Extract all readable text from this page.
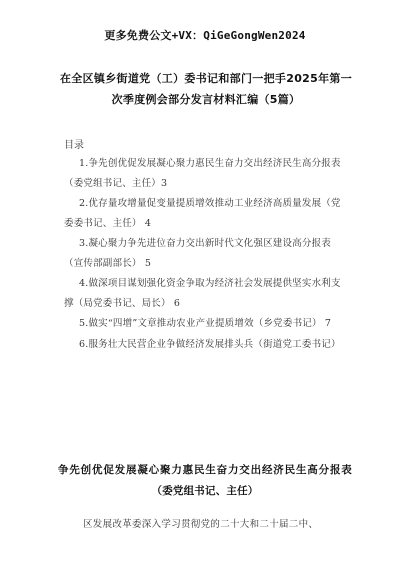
更多免费公文+VX：QiGeGongWen2024
在全区镇乡街道党（工）委书记和部门一把手2025年第一次季度例会部分发言材料汇编（5篇）
目录
1.争先创优促发展凝心聚力惠民生奋力交出经济民生高分报表（委党组书记、主任）3
2.优存量攻增量促变量提质增效推动工业经济高质量发展（党委委书记、主任） 4
3.凝心聚力争先进位奋力交出新时代文化强区建设高分报表（宣传部副部长） 5
4.做深项目谋划强化资金争取为经济社会发展提供坚实水利支撑（局党委书记、局长） 6
5.做实“四增”文章推动农业产业提质增效（乡党委书记） 7
6.服务壮大民营企业争做经济发展排头兵（街道党工委书记）
争先创优促发展凝心聚力惠民生奋力交出经济民生高分报表（委党组书记、主任）
区发展改革委深入学习贯彻党的二十大和二十届二中、
